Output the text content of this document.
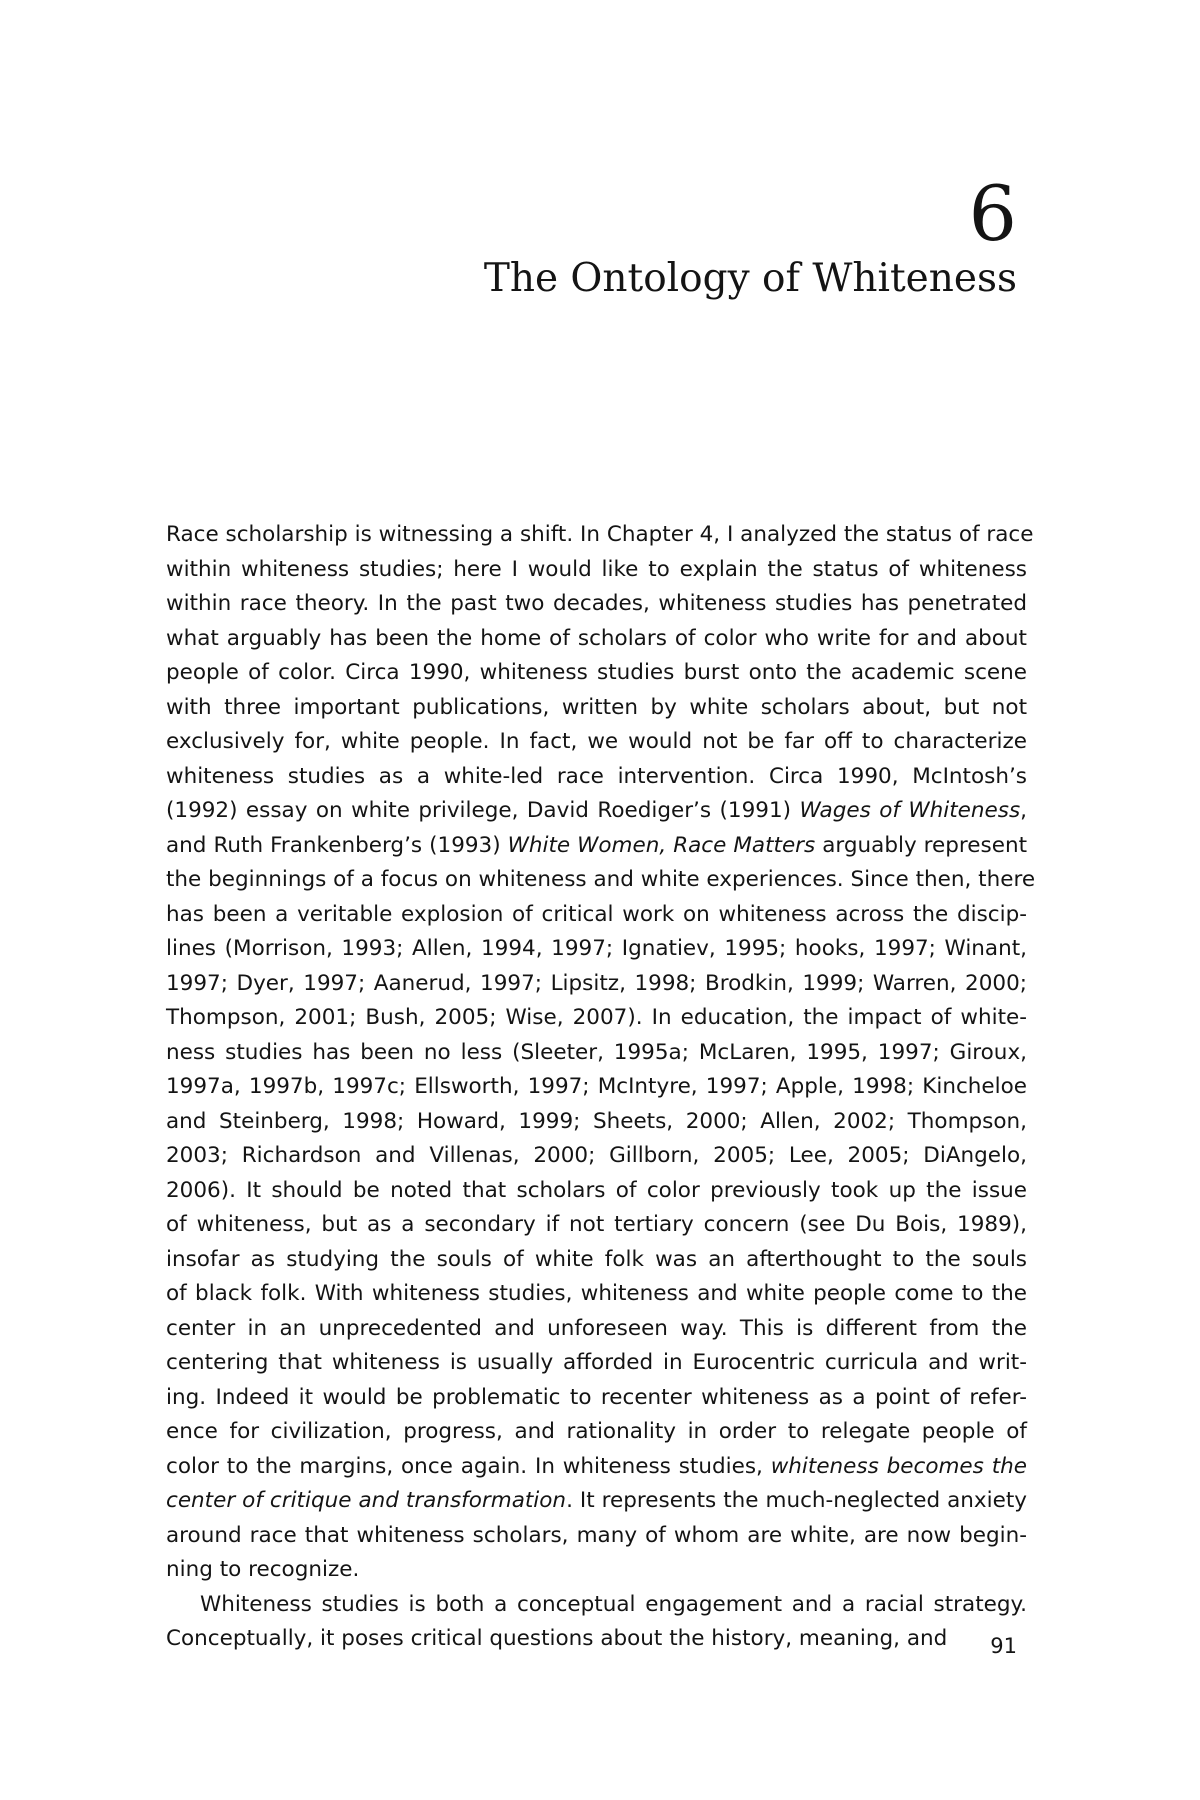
6
The Ontology of Whiteness

Race scholarship is witnessing a shift. In Chapter 4, I analyzed the status of race
within whiteness studies; here I would like to explain the status of whiteness
within race theory. In the past two decades, whiteness studies has penetrated
what arguably has been the home of scholars of color who write for and about
people of color. Circa 1990, whiteness studies burst onto the academic scene
with three important publications, written by white scholars about, but not
exclusively for, white people. In fact, we would not be far off to characterize
whiteness studies as a white-led race intervention. Circa 1990, McIntosh’s
(1992) essay on white privilege, David Roediger’s (1991) Wages of Whiteness,
and Ruth Frankenberg’s (1993) White Women, Race Matters arguably represent
the beginnings of a focus on whiteness and white experiences. Since then, there
has been a veritable explosion of critical work on whiteness across the discip-
lines (Morrison, 1993; Allen, 1994, 1997; Ignatiev, 1995; hooks, 1997; Winant,
1997; Dyer, 1997; Aanerud, 1997; Lipsitz, 1998; Brodkin, 1999; Warren, 2000;
Thompson, 2001; Bush, 2005; Wise, 2007). In education, the impact of white-
ness studies has been no less (Sleeter, 1995a; McLaren, 1995, 1997; Giroux,
1997a, 1997b, 1997c; Ellsworth, 1997; McIntyre, 1997; Apple, 1998; Kincheloe
and Steinberg, 1998; Howard, 1999; Sheets, 2000; Allen, 2002; Thompson,
2003; Richardson and Villenas, 2000; Gillborn, 2005; Lee, 2005; DiAngelo,
2006). It should be noted that scholars of color previously took up the issue
of whiteness, but as a secondary if not tertiary concern (see Du Bois, 1989),
insofar as studying the souls of white folk was an afterthought to the souls
of black folk. With whiteness studies, whiteness and white people come to the
center in an unprecedented and unforeseen way. This is different from the
centering that whiteness is usually afforded in Eurocentric curricula and writ-
ing. Indeed it would be problematic to recenter whiteness as a point of refer-
ence for civilization, progress, and rationality in order to relegate people of
color to the margins, once again. In whiteness studies, whiteness becomes the
center of critique and transformation. It represents the much-neglected anxiety
around race that whiteness scholars, many of whom are white, are now begin-
ning to recognize.

Whiteness studies is both a conceptual engagement and a racial strategy.
Conceptually, it poses critical questions about the history, meaning, and	91
